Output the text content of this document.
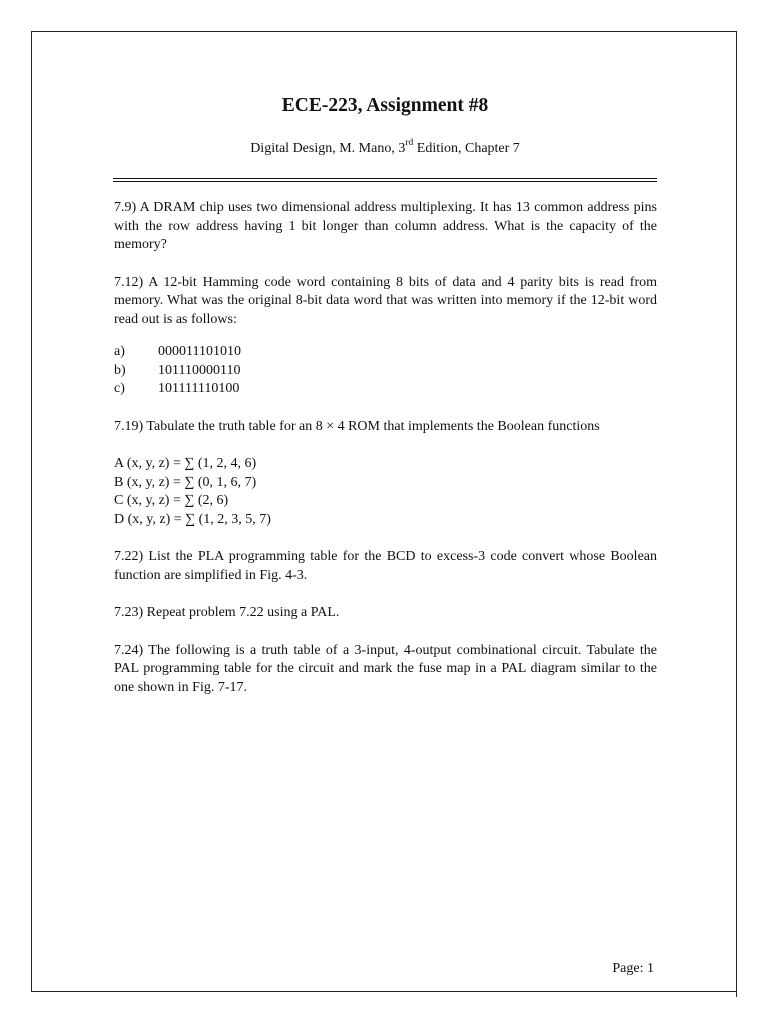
ECE-223, Assignment #8
Digital Design, M. Mano, 3rd Edition, Chapter 7

7.9) A DRAM chip uses two dimensional address multiplexing. It has 13 common address pins with the row address having 1 bit longer than column address. What is the capacity of the memory?

7.12) A 12-bit Hamming code word containing 8 bits of data and 4 parity bits is read from memory. What was the original 8-bit data word that was written into memory if the 12-bit word read out is as follows:

a)	000011101010
b)	101110000110
c)	101111110100

7.19) Tabulate the truth table for an 8 × 4 ROM that implements the Boolean functions

A (x, y, z) = ∑ (1, 2, 4, 6)

B (x, y, z) = ∑ (0, 1, 6, 7)

C (x, y, z) = ∑ (2, 6)

D (x, y, z) = ∑ (1, 2, 3, 5, 7)

7.22) List the PLA programming table for the BCD to excess-3 code convert whose Boolean function are simplified in Fig. 4-3.

7.23) Repeat problem 7.22 using a PAL.

7.24) The following is a truth table of a 3-input, 4-output combinational circuit. Tabulate the PAL programming table for the circuit and mark the fuse map in a PAL diagram similar to the one shown in Fig. 7-17.

Page: 1
